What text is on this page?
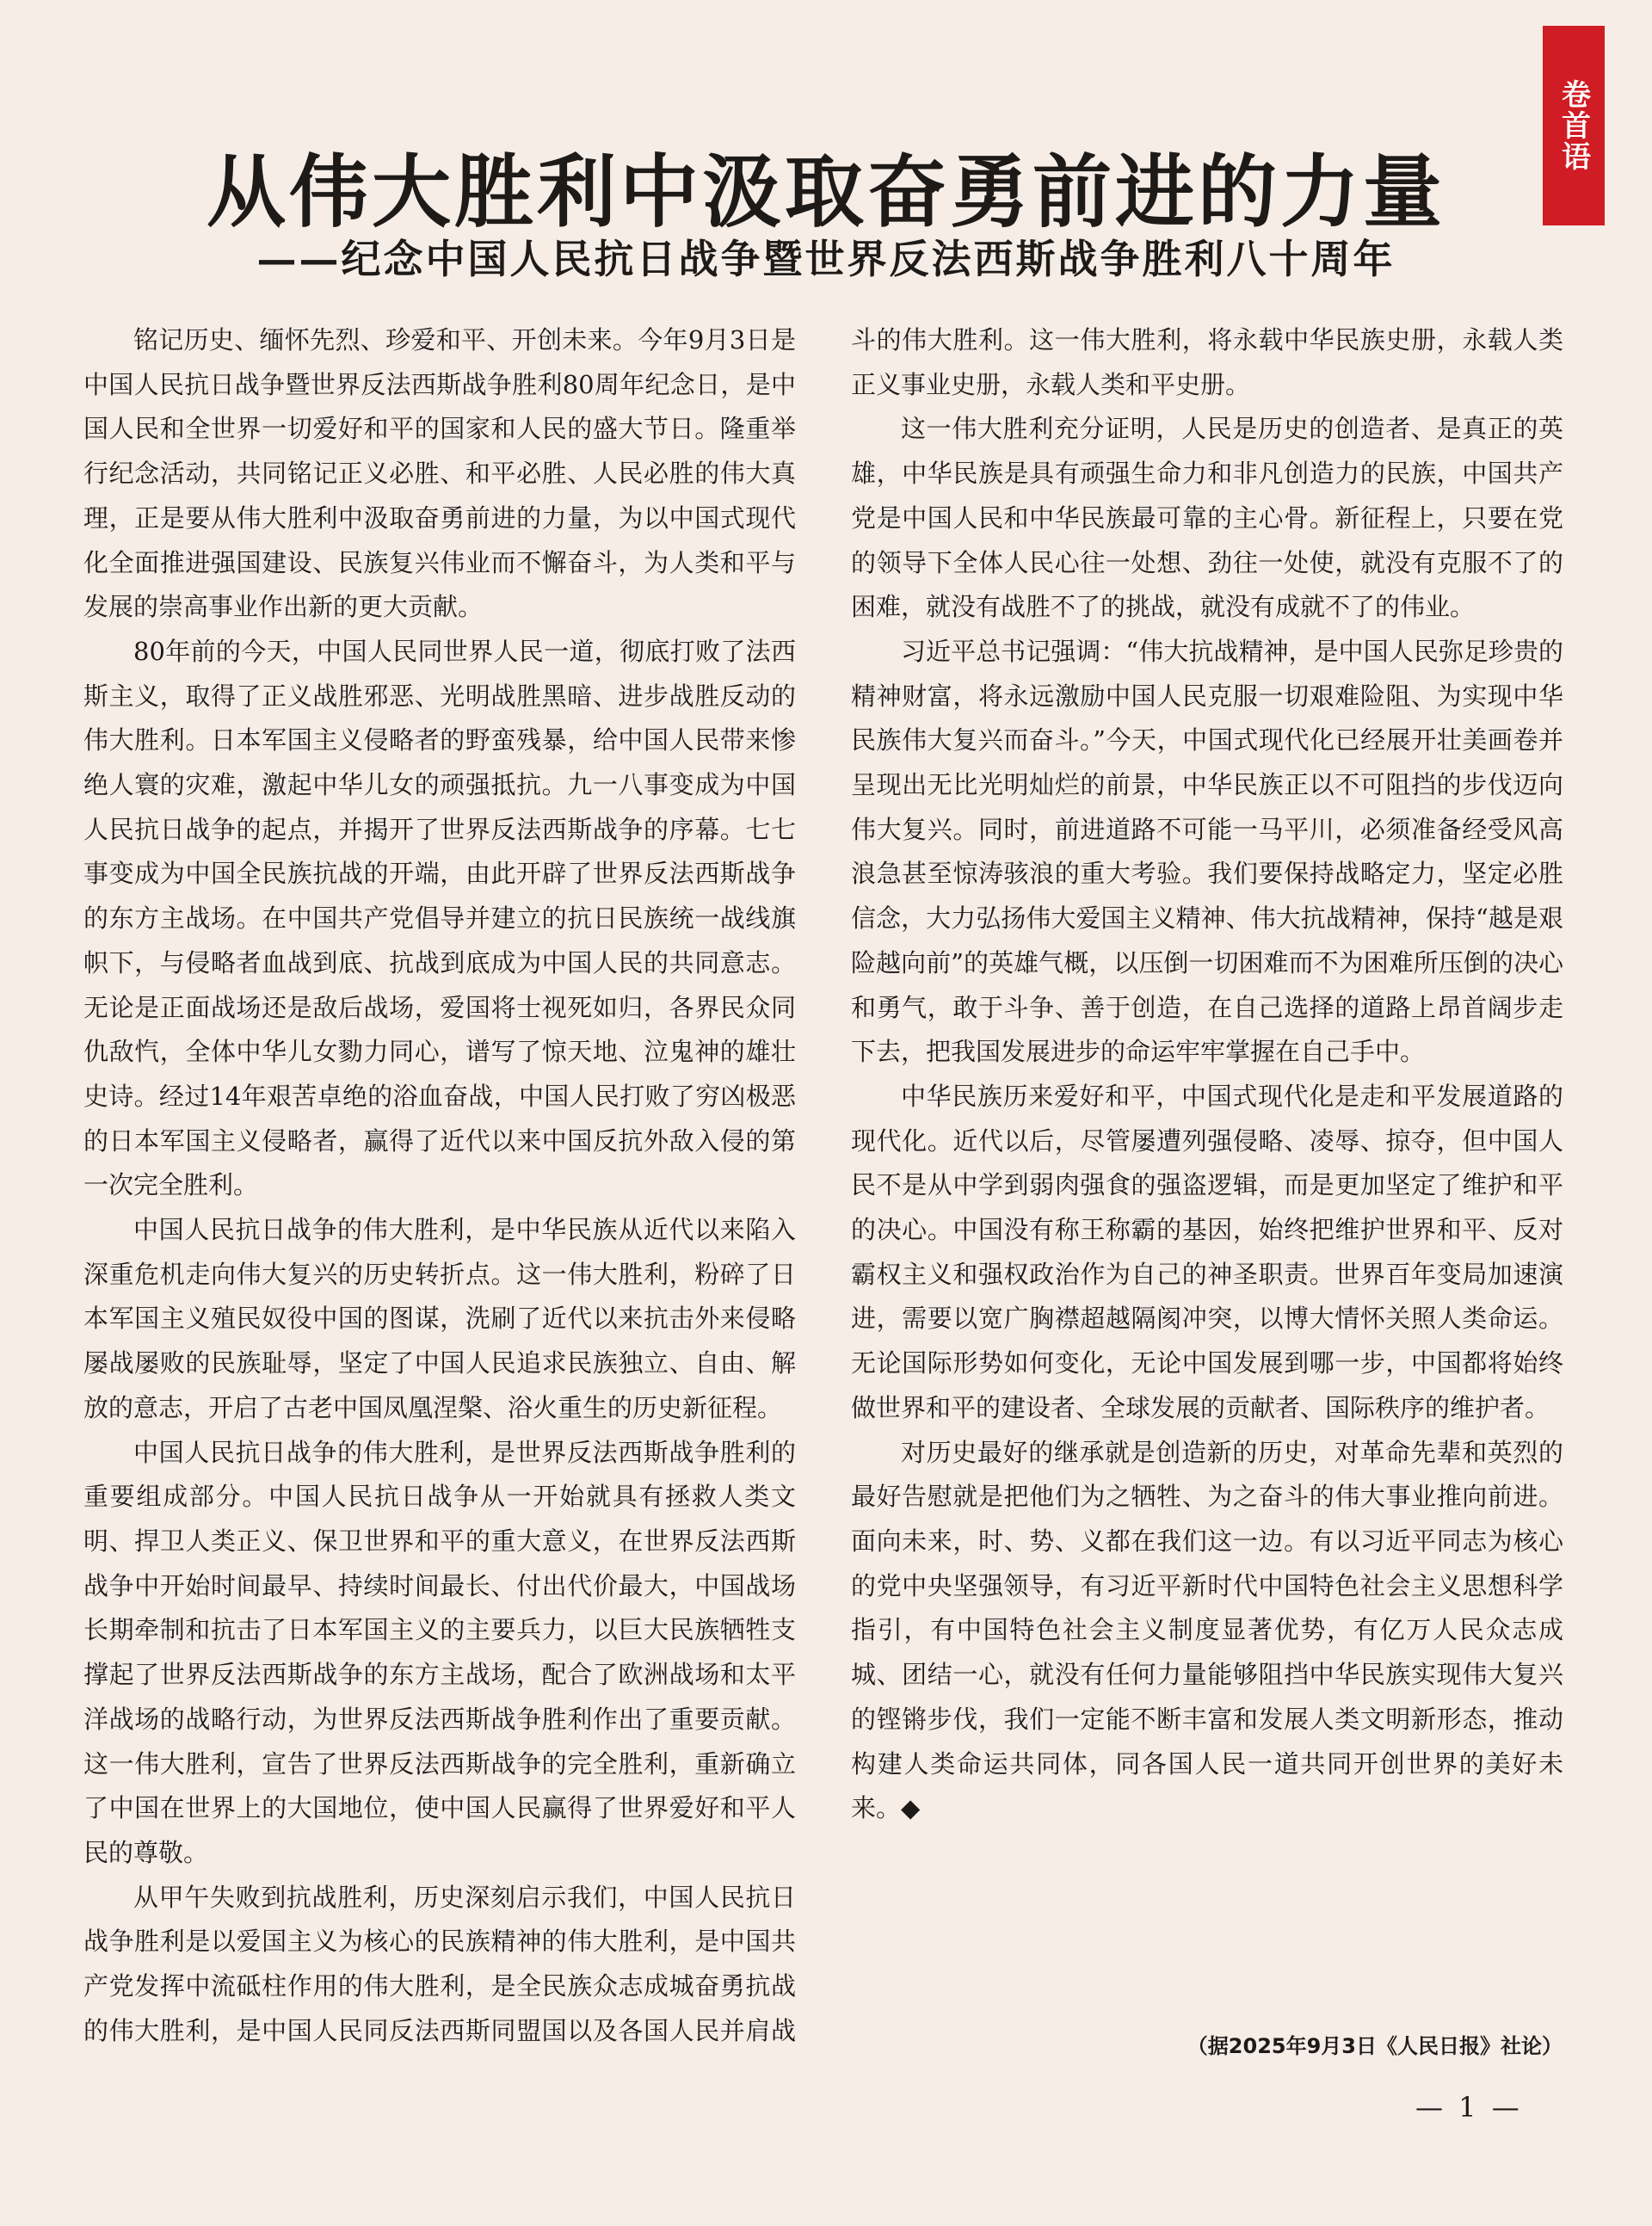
卷首语
从伟大胜利中汲取奋勇前进的力量
——纪念中国人民抗日战争暨世界反法西斯战争胜利八十周年

铭记历史、缅怀先烈、珍爱和平、开创未来。今年9月3日是中国人民抗日战争暨世界反法西斯战争胜利80周年纪念日，是中国人民和全世界一切爱好和平的国家和人民的盛大节日。隆重举行纪念活动，共同铭记正义必胜、和平必胜、人民必胜的伟大真理，正是要从伟大胜利中汲取奋勇前进的力量，为以中国式现代化全面推进强国建设、民族复兴伟业而不懈奋斗，为人类和平与发展的崇高事业作出新的更大贡献。

80年前的今天，中国人民同世界人民一道，彻底打败了法西斯主义，取得了正义战胜邪恶、光明战胜黑暗、进步战胜反动的伟大胜利。日本军国主义侵略者的野蛮残暴，给中国人民带来惨绝人寰的灾难，激起中华儿女的顽强抵抗。九一八事变成为中国人民抗日战争的起点，并揭开了世界反法西斯战争的序幕。七七事变成为中国全民族抗战的开端，由此开辟了世界反法西斯战争的东方主战场。在中国共产党倡导并建立的抗日民族统一战线旗帜下，与侵略者血战到底、抗战到底成为中国人民的共同意志。无论是正面战场还是敌后战场，爱国将士视死如归，各界民众同仇敌忾，全体中华儿女勠力同心，谱写了惊天地、泣鬼神的雄壮史诗。经过14年艰苦卓绝的浴血奋战，中国人民打败了穷凶极恶的日本军国主义侵略者，赢得了近代以来中国反抗外敌入侵的第一次完全胜利。

中国人民抗日战争的伟大胜利，是中华民族从近代以来陷入深重危机走向伟大复兴的历史转折点。这一伟大胜利，粉碎了日本军国主义殖民奴役中国的图谋，洗刷了近代以来抗击外来侵略屡战屡败的民族耻辱，坚定了中国人民追求民族独立、自由、解放的意志，开启了古老中国凤凰涅槃、浴火重生的历史新征程。

中国人民抗日战争的伟大胜利，是世界反法西斯战争胜利的重要组成部分。中国人民抗日战争从一开始就具有拯救人类文明、捍卫人类正义、保卫世界和平的重大意义，在世界反法西斯战争中开始时间最早、持续时间最长、付出代价最大，中国战场长期牵制和抗击了日本军国主义的主要兵力，以巨大民族牺牲支撑起了世界反法西斯战争的东方主战场，配合了欧洲战场和太平洋战场的战略行动，为世界反法西斯战争胜利作出了重要贡献。这一伟大胜利，宣告了世界反法西斯战争的完全胜利，重新确立了中国在世界上的大国地位，使中国人民赢得了世界爱好和平人民的尊敬。

从甲午失败到抗战胜利，历史深刻启示我们，中国人民抗日战争胜利是以爱国主义为核心的民族精神的伟大胜利，是中国共产党发挥中流砥柱作用的伟大胜利，是全民族众志成城奋勇抗战的伟大胜利，是中国人民同反法西斯同盟国以及各国人民并肩战斗的伟大胜利。这一伟大胜利，将永载中华民族史册，永载人类正义事业史册，永载人类和平史册。

这一伟大胜利充分证明，人民是历史的创造者、是真正的英雄，中华民族是具有顽强生命力和非凡创造力的民族，中国共产党是中国人民和中华民族最可靠的主心骨。新征程上，只要在党的领导下全体人民心往一处想、劲往一处使，就没有克服不了的困难，就没有战胜不了的挑战，就没有成就不了的伟业。

习近平总书记强调：“伟大抗战精神，是中国人民弥足珍贵的精神财富，将永远激励中国人民克服一切艰难险阻、为实现中华民族伟大复兴而奋斗。”今天，中国式现代化已经展开壮美画卷并呈现出无比光明灿烂的前景，中华民族正以不可阻挡的步伐迈向伟大复兴。同时，前进道路不可能一马平川，必须准备经受风高浪急甚至惊涛骇浪的重大考验。我们要保持战略定力，坚定必胜信念，大力弘扬伟大爱国主义精神、伟大抗战精神，保持“越是艰险越向前”的英雄气概，以压倒一切困难而不为困难所压倒的决心和勇气，敢于斗争、善于创造，在自己选择的道路上昂首阔步走下去，把我国发展进步的命运牢牢掌握在自己手中。

中华民族历来爱好和平，中国式现代化是走和平发展道路的现代化。近代以后，尽管屡遭列强侵略、凌辱、掠夺，但中国人民不是从中学到弱肉强食的强盗逻辑，而是更加坚定了维护和平的决心。中国没有称王称霸的基因，始终把维护世界和平、反对霸权主义和强权政治作为自己的神圣职责。世界百年变局加速演进，需要以宽广胸襟超越隔阂冲突，以博大情怀关照人类命运。无论国际形势如何变化，无论中国发展到哪一步，中国都将始终做世界和平的建设者、全球发展的贡献者、国际秩序的维护者。

对历史最好的继承就是创造新的历史，对革命先辈和英烈的最好告慰就是把他们为之牺牲、为之奋斗的伟大事业推向前进。面向未来，时、势、义都在我们这一边。有以习近平同志为核心的党中央坚强领导，有习近平新时代中国特色社会主义思想科学指引，有中国特色社会主义制度显著优势，有亿万人民众志成城、团结一心，就没有任何力量能够阻挡中华民族实现伟大复兴的铿锵步伐，我们一定能不断丰富和发展人类文明新形态，推动构建人类命运共同体，同各国人民一道共同开创世界的美好未来。◆

（据2025年9月3日《人民日报》社论）

— 1 —
